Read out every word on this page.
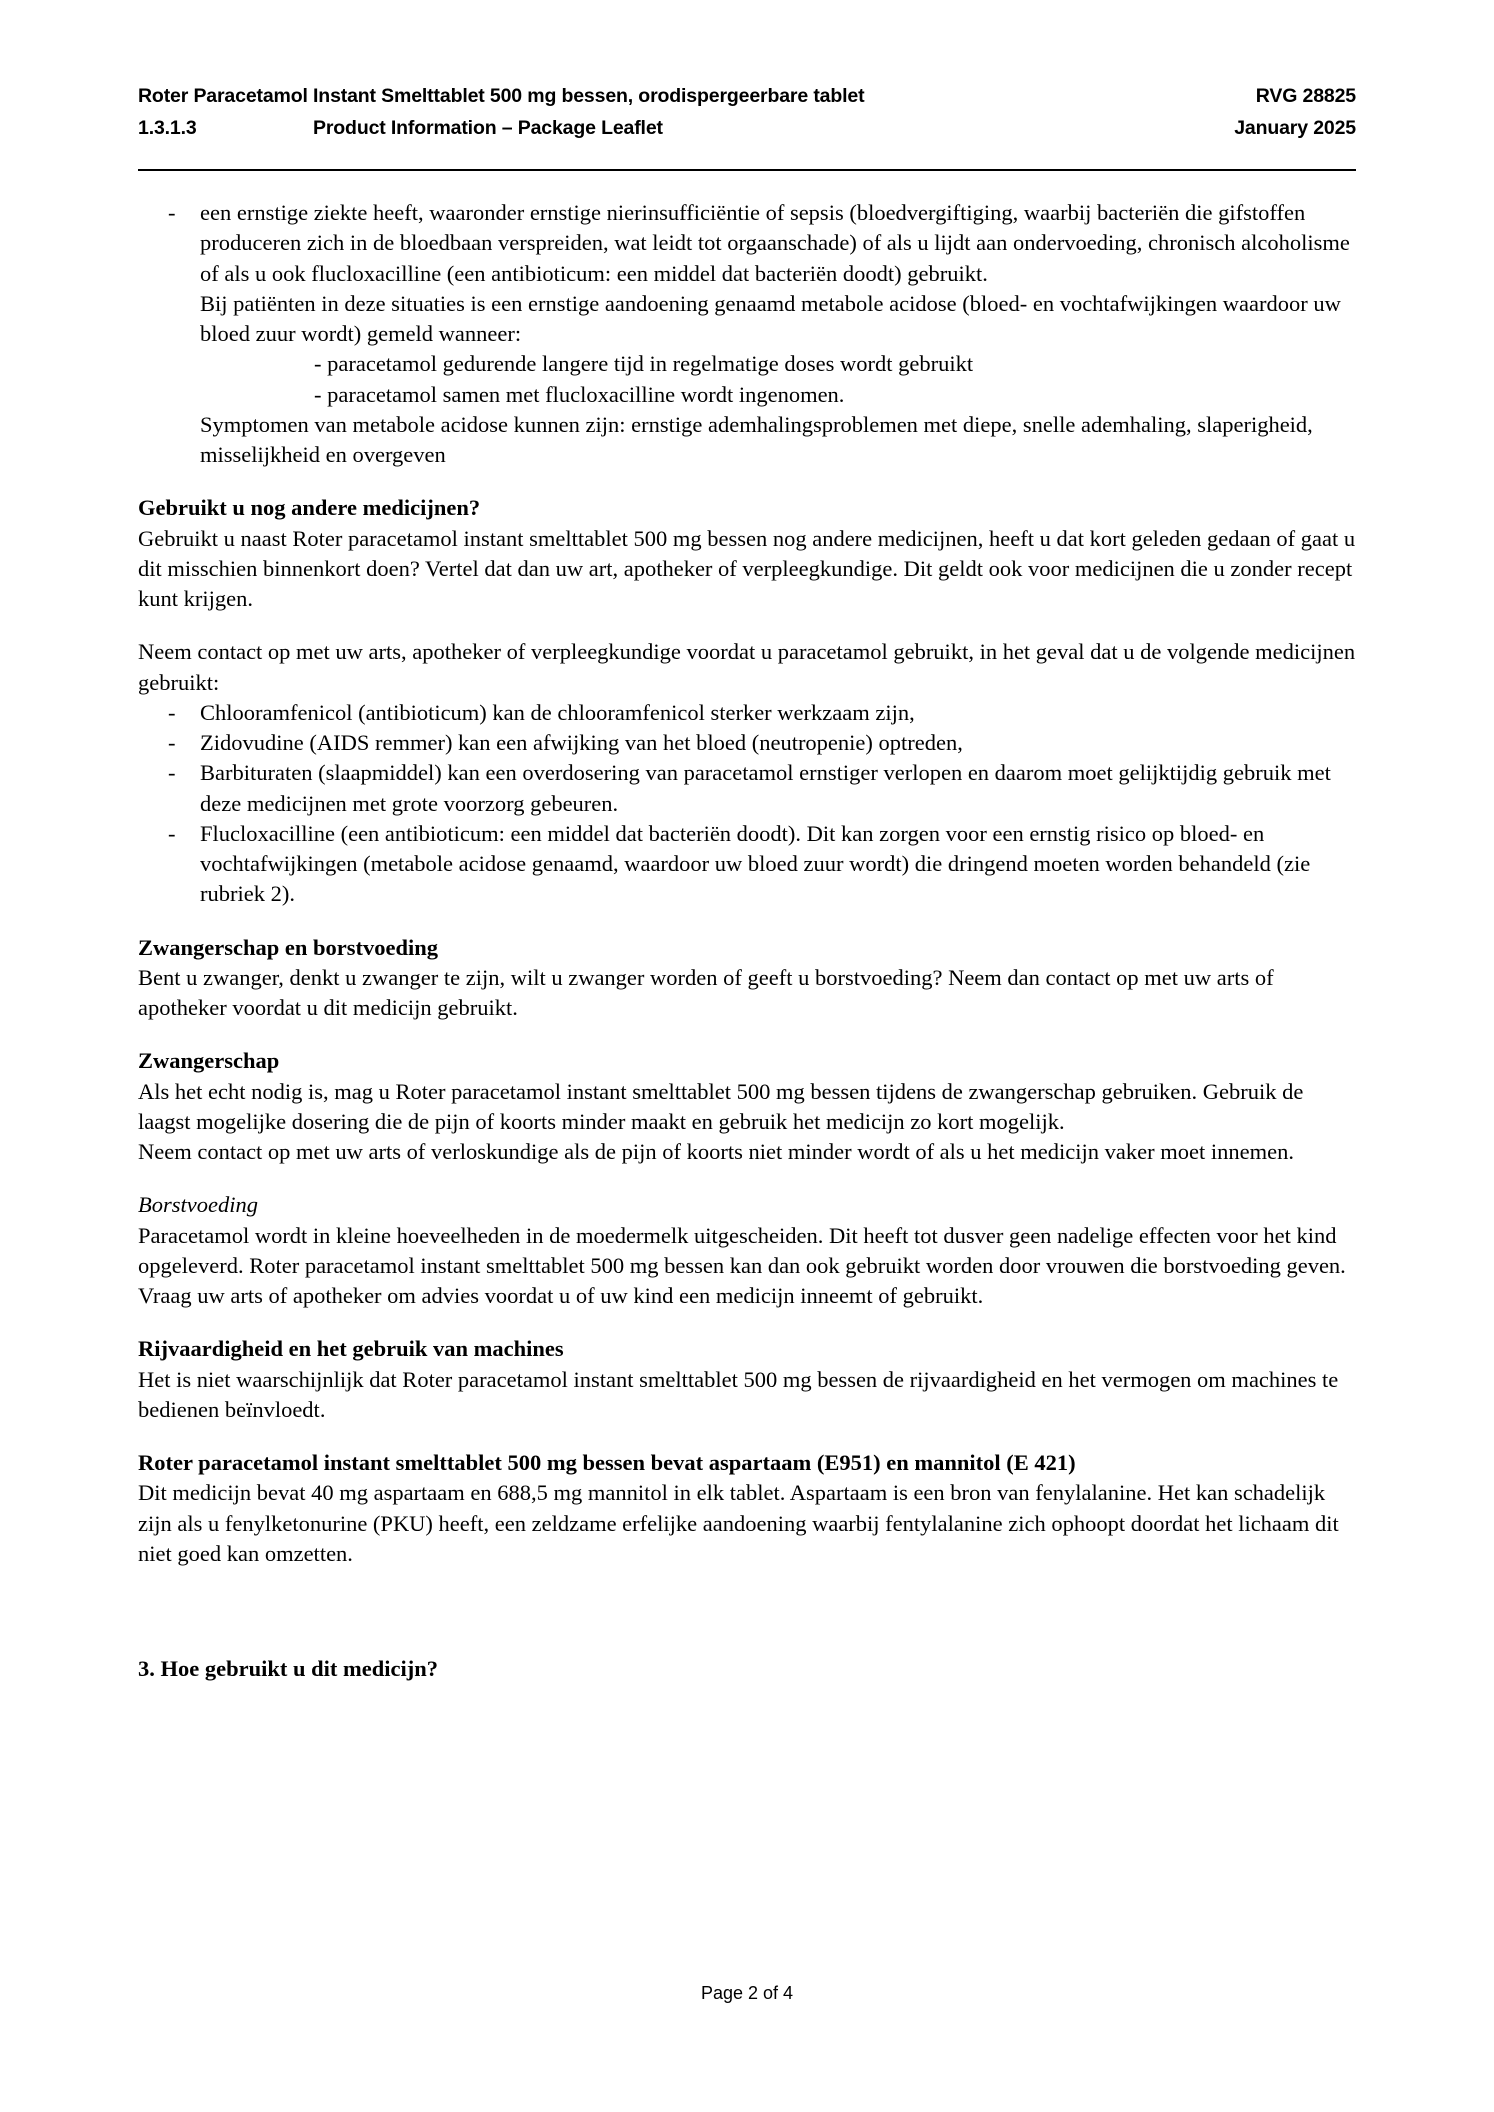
Roter Paracetamol Instant Smelttablet 500 mg bessen, orodispergeerbare tablet	RVG 28825
1.3.1.3	Product Information – Package Leaflet	January 2025
- een ernstige ziekte heeft, waaronder ernstige nierinsufficiëntie of sepsis (bloedvergiftiging, waarbij bacteriën die gifstoffen produceren zich in de bloedbaan verspreiden, wat leidt tot orgaanschade) of als u lijdt aan ondervoeding, chronisch alcoholisme of als u ook flucloxacilline (een antibioticum: een middel dat bacteriën doodt) gebruikt.

Bij patiënten in deze situaties is een ernstige aandoening genaamd metabole acidose (bloed- en vochtafwijkingen waardoor uw bloed zuur wordt) gemeld wanneer:

- paracetamol gedurende langere tijd in regelmatige doses wordt gebruikt

- paracetamol samen met flucloxacilline wordt ingenomen.

Symptomen van metabole acidose kunnen zijn: ernstige ademhalingsproblemen met diepe, snelle ademhaling, slaperigheid, misselijkheid en overgeven

Gebruikt u nog andere medicijnen?

Gebruikt u naast Roter paracetamol instant smelttablet 500 mg bessen nog andere medicijnen, heeft u dat kort geleden gedaan of gaat u dit misschien binnenkort doen? Vertel dat dan uw art, apotheker of verpleegkundige. Dit geldt ook voor medicijnen die u zonder recept kunt krijgen.

Neem contact op met uw arts, apotheker of verpleegkundige voordat u paracetamol gebruikt, in het geval dat u de volgende medicijnen gebruikt:

- Chlooramfenicol (antibioticum) kan de chlooramfenicol sterker werkzaam zijn,
- Zidovudine (AIDS remmer) kan een afwijking van het bloed (neutropenie) optreden,
- Barbituraten (slaapmiddel) kan een overdosering van paracetamol ernstiger verlopen en daarom moet gelijktijdig gebruik met deze medicijnen met grote voorzorg gebeuren.
- Flucloxacilline (een antibioticum: een middel dat bacteriën doodt). Dit kan zorgen voor een ernstig risico op bloed- en vochtafwijkingen (metabole acidose genaamd, waardoor uw bloed zuur wordt) die dringend moeten worden behandeld (zie rubriek 2).
Zwangerschap en borstvoeding

Bent u zwanger, denkt u zwanger te zijn, wilt u zwanger worden of geeft u borstvoeding? Neem dan contact op met uw arts of apotheker voordat u dit medicijn gebruikt.

Zwangerschap

Als het echt nodig is, mag u Roter paracetamol instant smelttablet 500 mg bessen tijdens de zwangerschap gebruiken. Gebruik de laagst mogelijke dosering die de pijn of koorts minder maakt en gebruik het medicijn zo kort mogelijk.

Neem contact op met uw arts of verloskundige als de pijn of koorts niet minder wordt of als u het medicijn vaker moet innemen.

Borstvoeding

Paracetamol wordt in kleine hoeveelheden in de moedermelk uitgescheiden. Dit heeft tot dusver geen nadelige effecten voor het kind opgeleverd. Roter paracetamol instant smelttablet 500 mg bessen kan dan ook gebruikt worden door vrouwen die borstvoeding geven.

Vraag uw arts of apotheker om advies voordat u of uw kind een medicijn inneemt of gebruikt.

Rijvaardigheid en het gebruik van machines

Het is niet waarschijnlijk dat Roter paracetamol instant smelttablet 500 mg bessen de rijvaardigheid en het vermogen om machines te bedienen beïnvloedt.

Roter paracetamol instant smelttablet 500 mg bessen bevat aspartaam (E951) en mannitol (E 421)

Dit medicijn bevat 40 mg aspartaam en 688,5 mg mannitol in elk tablet. Aspartaam is een bron van fenylalanine. Het kan schadelijk zijn als u fenylketonurine (PKU) heeft, een zeldzame erfelijke aandoening waarbij fentylalanine zich ophoopt doordat het lichaam dit niet goed kan omzetten.

3. Hoe gebruikt u dit medicijn?
Page 2 of 4
